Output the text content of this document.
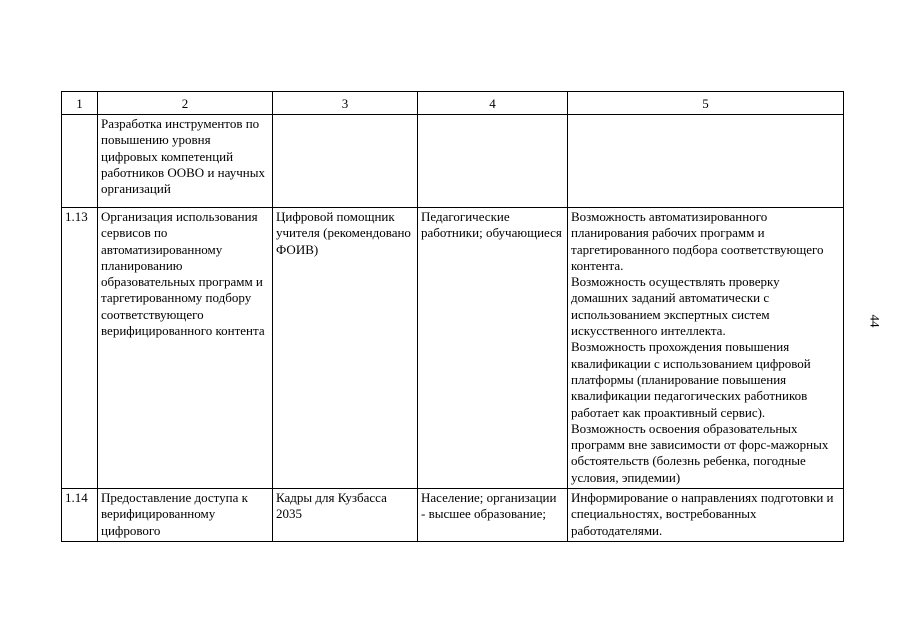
1	2	3	4	5
	Разработка инструментов по повышению уровня цифровых компетенций работников ООВО и научных организаций			
1.13	Организация использования сервисов по автоматизированному планированию образовательных программ и таргетированному подбору соответствующего верифицированного контента	Цифровой помощник учителя (рекомендовано ФОИВ)	Педагогические работники; обучающиеся	Возможность автоматизированного планирования рабочих программ и таргетированного подбора соответствующего контента.
Возможность осуществлять проверку домашних заданий автоматически с использованием экспертных систем искусственного интеллекта.
Возможность прохождения повышения квалификации с использованием цифровой платформы (планирование повышения квалификации педагогических работников работает как проактивный сервис).
Возможность освоения образовательных программ вне зависимости от форс-мажорных обстоятельств (болезнь ребенка, погодные условия, эпидемии)

1.14	Предоставление доступа к верифицированному цифрового	Кадры для Кузбасса 2035	Население; организации - высшее образование;	Информирование о направлениях подготовки и специальностях, востребованных работодателями.
44
